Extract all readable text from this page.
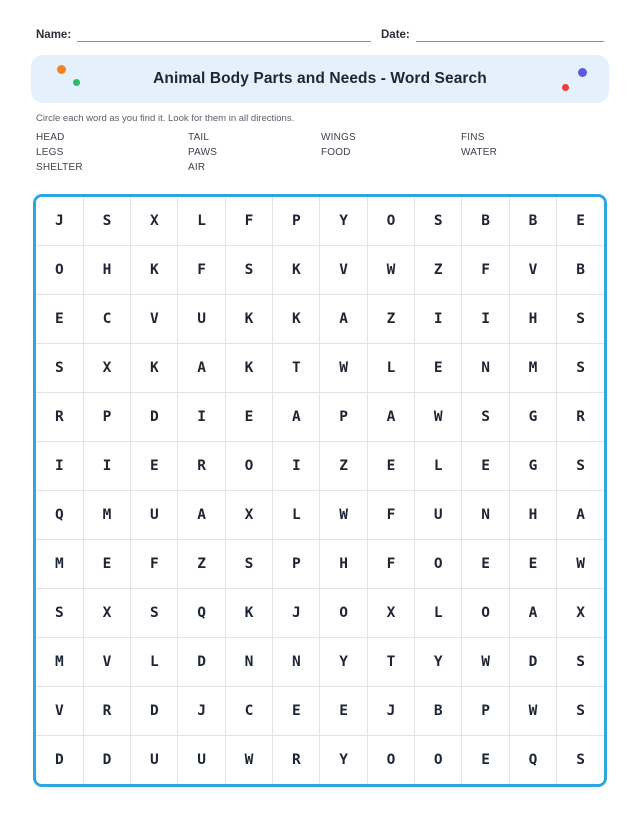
Name:	Date:
Animal Body Parts and Needs - Word Search
Circle each word as you find it. Look for them in all directions.
HEAD	TAIL	WINGS	FINS
LEGS	PAWS	FOOD	WATER
SHELTER	AIR
J	S	X	L	F	P	Y	O	S	B	B	E
O	H	K	F	S	K	V	W	Z	F	V	B
E	C	V	U	K	K	A	Z	I	I	H	S
S	X	K	A	K	T	W	L	E	N	M	S
R	P	D	I	E	A	P	A	W	S	G	R
I	I	E	R	O	I	Z	E	L	E	G	S
Q	M	U	A	X	L	W	F	U	N	H	A
M	E	F	Z	S	P	H	F	O	E	E	W
S	X	S	Q	K	J	O	X	L	O	A	X
M	V	L	D	N	N	Y	T	Y	W	D	S
V	R	D	J	C	E	E	J	B	P	W	S
D	D	U	U	W	R	Y	O	O	E	Q	S
